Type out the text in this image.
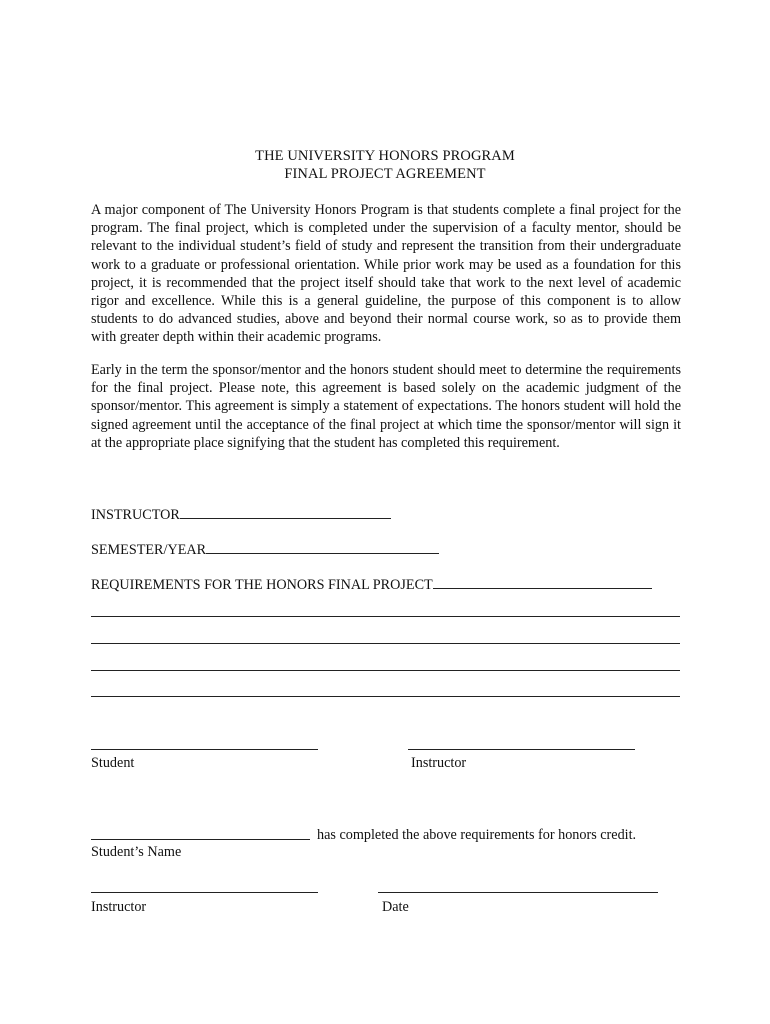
THE UNIVERSITY HONORS PROGRAM
FINAL PROJECT AGREEMENT
A major component of The University Honors Program is that students complete a final project for the program. The final project, which is completed under the supervision of a faculty mentor, should be relevant to the individual student’s field of study and represent the transition from their undergraduate work to a graduate or professional orientation. While prior work may be used as a foundation for this project, it is recommended that the project itself should take that work to the next level of academic rigor and excellence. While this is a general guideline, the purpose of this component is to allow students to do advanced studies, above and beyond their normal course work, so as to provide them with greater depth within their academic programs.
Early in the term the sponsor/mentor and the honors student should meet to determine the requirements for the final project. Please note, this agreement is based solely on the academic judgment of the sponsor/mentor. This agreement is simply a statement of expectations. The honors student will hold the signed agreement until the acceptance of the final project at which time the sponsor/mentor will sign it at the appropriate place signifying that the student has completed this requirement.
INSTRUCTOR
SEMESTER/YEAR
REQUIREMENTS FOR THE HONORS FINAL PROJECT
Student	Instructor
has completed the above requirements for honors credit.
Student’s Name
Instructor	Date
